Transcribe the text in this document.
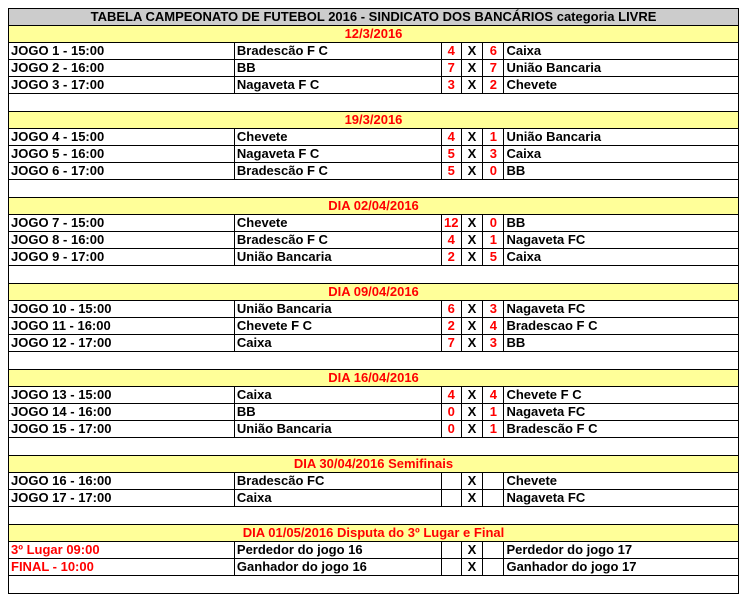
TABELA CAMPEONATO DE FUTEBOL 2016 - SINDICATO DOS BANCÁRIOS categoria LIVRE					
12/3/2016					
JOGO 1 - 15:00	Bradescão F C	4	X	6	Caixa
JOGO 2 - 16:00	BB	7	X	7	União Bancaria
JOGO 3 - 17:00	Nagaveta F C	3	X	2	Chevete

19/3/2016					
JOGO 4 - 15:00	Chevete	4	X	1	União Bancaria
JOGO 5 - 16:00	Nagaveta F C	5	X	3	Caixa
JOGO 6 - 17:00	Bradescão F C	5	X	0	BB

DIA 02/04/2016					
JOGO 7 - 15:00	Chevete	12	X	0	BB
JOGO 8 - 16:00	Bradescão F C	4	X	1	Nagaveta FC
JOGO 9 - 17:00	União Bancaria	2	X	5	Caixa

DIA 09/04/2016					
JOGO 10 - 15:00	União Bancaria	6	X	3	Nagaveta FC
JOGO 11 - 16:00	Chevete F C	2	X	4	Bradescao F C
JOGO 12 - 17:00	Caixa	7	X	3	BB

DIA 16/04/2016					
JOGO 13 - 15:00	Caixa	4	X	4	Chevete F C
JOGO 14 - 16:00	BB	0	X	1	Nagaveta FC
JOGO 15 - 17:00	União Bancaria	0	X	1	Bradescão F C

DIA 30/04/2016 Semifinais					
JOGO 16 - 16:00	Bradescão FC		X		Chevete
JOGO 17 - 17:00	Caixa		X		Nagaveta FC

DIA 01/05/2016 Disputa do 3º Lugar e Final					
3º Lugar 09:00	Perdedor do jogo 16		X		Perdedor do jogo 17
FINAL - 10:00	Ganhador do jogo 16		X		Ganhador do jogo 17
